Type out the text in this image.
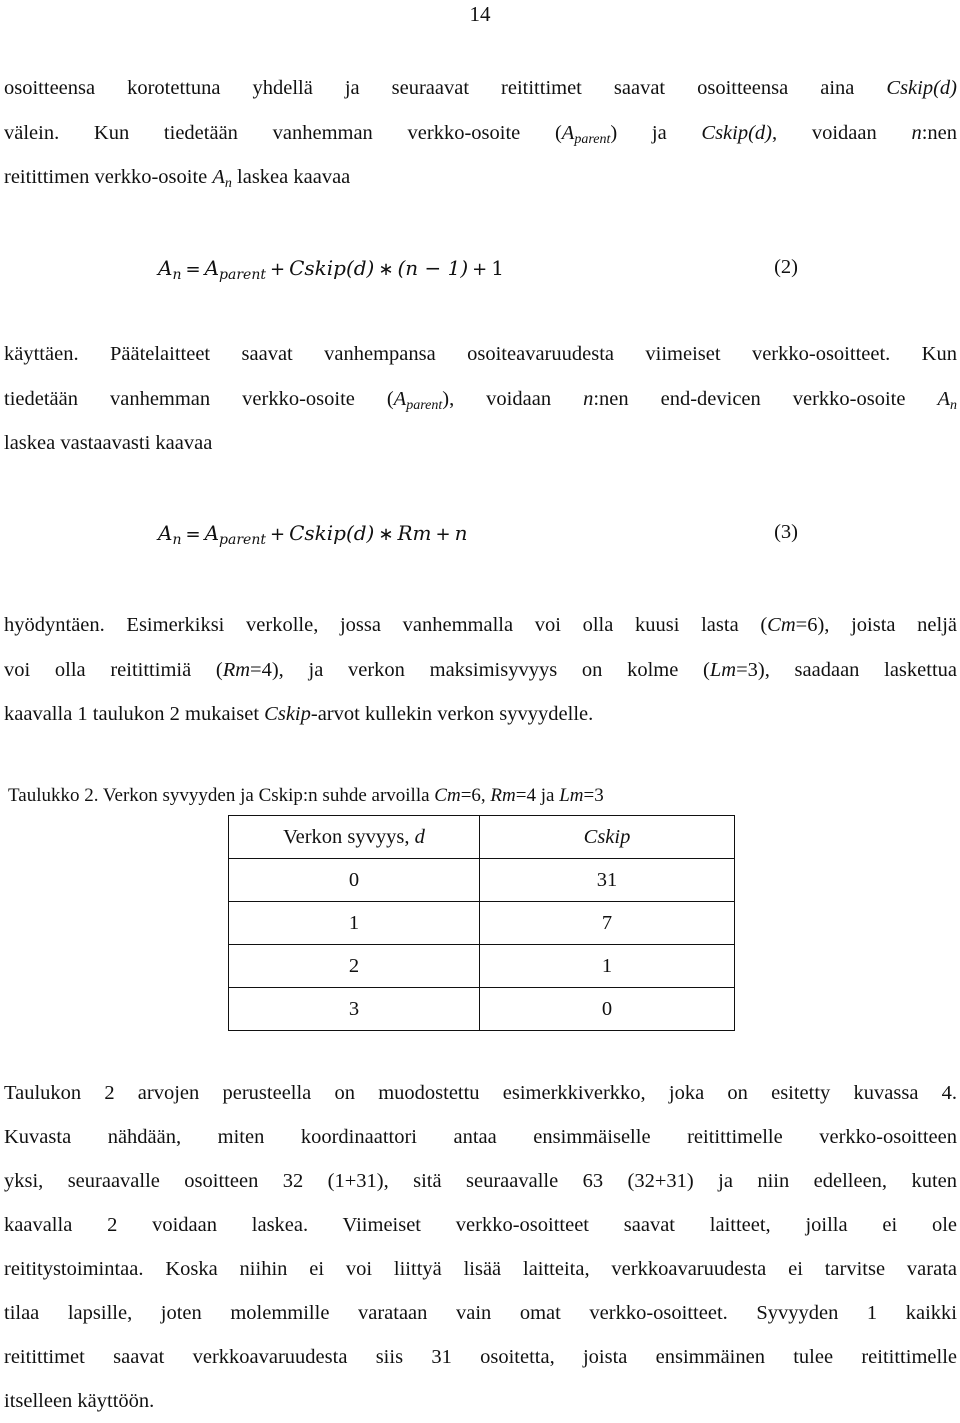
14
osoitteensa korotettuna yhdellä ja seuraavat reitittimet saavat osoitteensa aina Cskip(d)
välein. Kun tiedetään vanhemman verkko-osoite $(A_{parent})$ ja Cskip(d), voidaan n:nen
reitittimen verkko-osoite $A_n$ laskea kaavaa
$A_n = A_{parent}$ + Cskip(d) ∗ (n − 1) + 1	(2)
käyttäen. Päätelaitteet saavat vanhempansa osoiteavaruudesta viimeiset verkko-osoitteet. Kun
tiedetään vanhemman verkko-osoite $(A_{parent})$, voidaan n:nen end-devicen verkko-osoite $A_n$
laskea vastaavasti kaavaa
$A_n = A_{parent}$ + Cskip(d) ∗ Rm + n	(3)
hyödyntäen. Esimerkiksi verkolle, jossa vanhemmalla voi olla kuusi lasta (Cm=6), joista neljä
voi olla reitittimiä (Rm=4), ja verkon maksimisyvyys on kolme (Lm=3), saadaan laskettua
kaavalla 1 taulukon 2 mukaiset Cskip-arvot kullekin verkon syvyydelle.
Taulukko 2. Verkon syvyyden ja Cskip:n suhde arvoilla Cm=6, Rm=4 ja Lm=3
Verkon syvyys, d	Cskip
0	31
1	7
2	1
3	0
Taulukon 2 arvojen perusteella on muodostettu esimerkkiverkko, joka on esitetty kuvassa 4.
Kuvasta nähdään, miten koordinaattori antaa ensimmäiselle reitittimelle verkko-osoitteen
yksi, seuraavalle osoitteen 32 (1+31), sitä seuraavalle 63 (32+31) ja niin edelleen, kuten
kaavalla 2 voidaan laskea. Viimeiset verkko-osoitteet saavat laitteet, joilla ei ole
reititystoimintaa. Koska niihin ei voi liittyä lisää laitteita, verkkoavaruudesta ei tarvitse varata
tilaa lapsille, joten molemmille varataan vain omat verkko-osoitteet. Syvyyden 1 kaikki
reitittimet saavat verkkoavaruudesta siis 31 osoitetta, joista ensimmäinen tulee reitittimelle
itselleen käyttöön.
